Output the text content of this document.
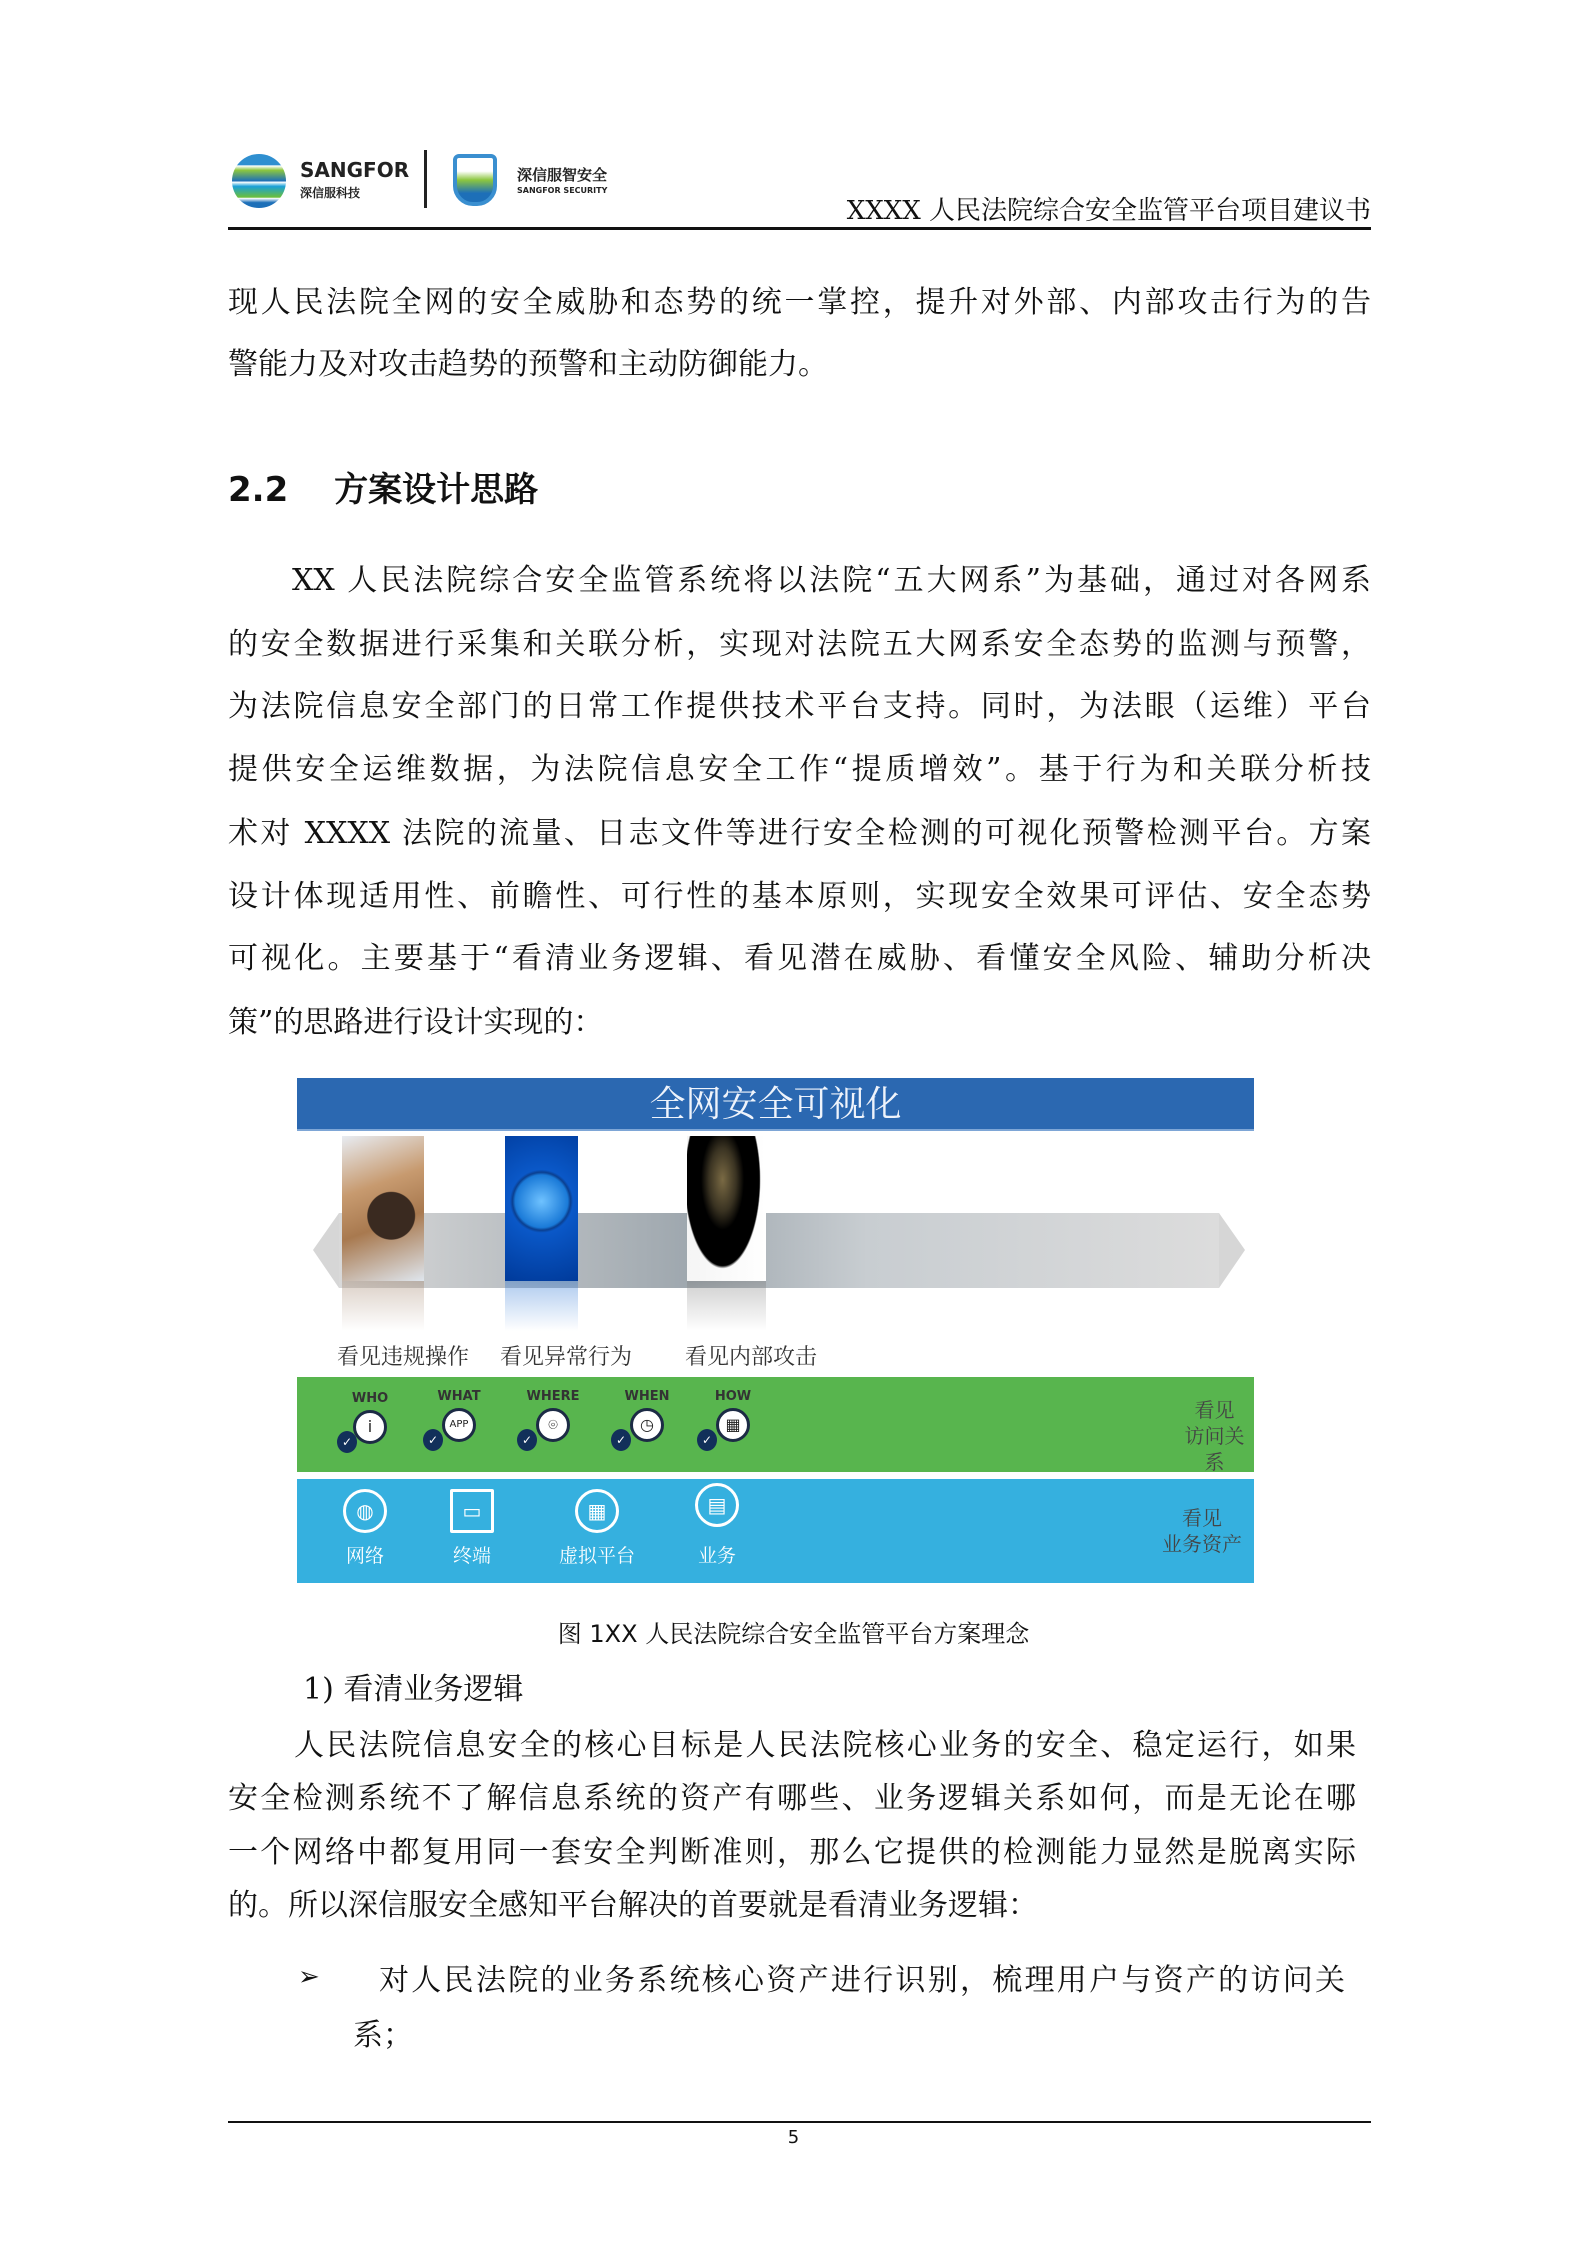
SANGFOR
深信服科技
深信服智安全
SANGFOR SECURITY
XXXX 人民法院综合安全监管平台项目建议书
现人民法院全网的安全威胁和态势的统一掌控，提升对外部、内部攻击行为的告
警能力及对攻击趋势的预警和主动防御能力。
2.2 方案设计思路
XX 人民法院综合安全监管系统将以法院“五大网系”为基础，通过对各网系
的安全数据进行采集和关联分析，实现对法院五大网系安全态势的监测与预警，
为法院信息安全部门的日常工作提供技术平台支持。同时，为法眼（运维）平台
提供安全运维数据，为法院信息安全工作“提质增效”。基于行为和关联分析技
术对 XXXX 法院的流量、日志文件等进行安全检测的可视化预警检测平台。方案
设计体现适用性、前瞻性、可行性的基本原则，实现安全效果可评估、安全态势
可视化。主要基于“看清业务逻辑、看见潜在威胁、看懂安全风险、辅助分析决
策”的思路进行设计实现的：
全网安全可视化
看见违规操作 看见异常行为 看见内部攻击
WHO
i
✓
WHAT
APP
✓
WHERE
⌾
✓
WHEN
◷
✓
HOW
▦
✓
看见
访问关系
◍
网络
▭
终端
▦
虚拟平台
▤
业务
看见
业务资产
图 1XX 人民法院综合安全监管平台方案理念
1) 看清业务逻辑
人民法院信息安全的核心目标是人民法院核心业务的安全、稳定运行，如果
安全检测系统不了解信息系统的资产有哪些、业务逻辑关系如何，而是无论在哪
一个网络中都复用同一套安全判断准则，那么它提供的检测能力显然是脱离实际
的。所以深信服安全感知平台解决的首要就是看清业务逻辑：
➢ 对人民法院的业务系统核心资产进行识别，梳理用户与资产的访问关
系；
5
